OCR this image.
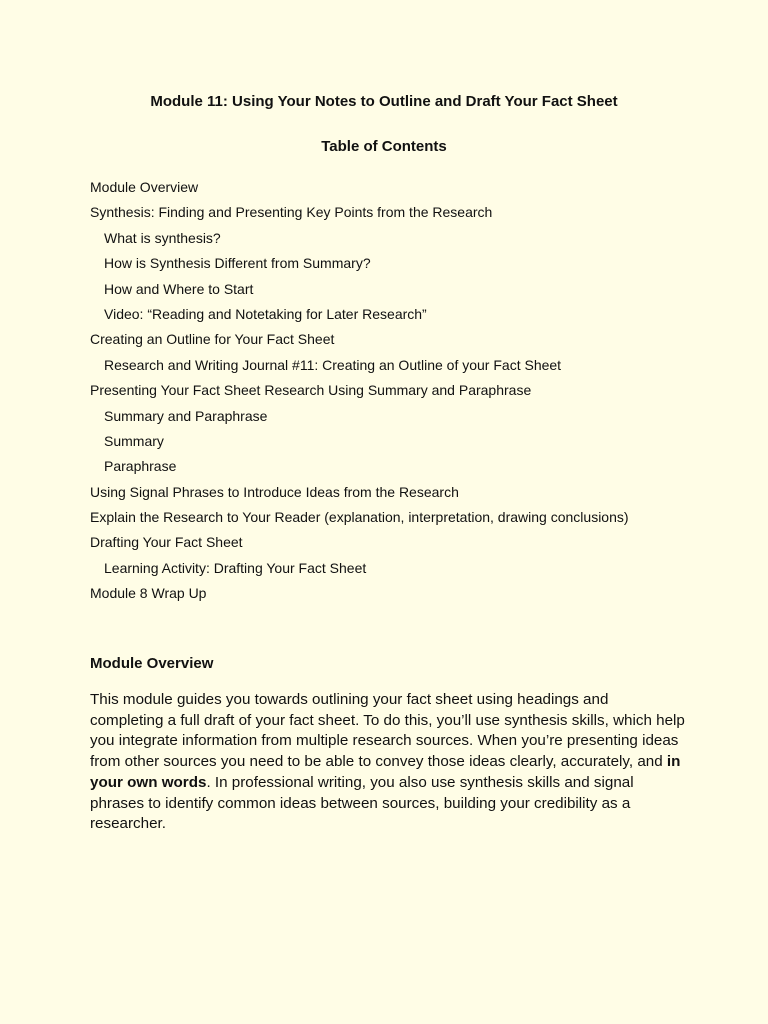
Module 11: Using Your Notes to Outline and Draft Your Fact Sheet
Table of Contents
Module Overview
Synthesis: Finding and Presenting Key Points from the Research
What is synthesis?
How is Synthesis Different from Summary?
How and Where to Start
Video: “Reading and Notetaking for Later Research”
Creating an Outline for Your Fact Sheet
Research and Writing Journal #11: Creating an Outline of your Fact Sheet
Presenting Your Fact Sheet Research Using Summary and Paraphrase
Summary and Paraphrase
Summary
Paraphrase
Using Signal Phrases to Introduce Ideas from the Research
Explain the Research to Your Reader (explanation, interpretation, drawing conclusions)
Drafting Your Fact Sheet
Learning Activity: Drafting Your Fact Sheet
Module 8 Wrap Up
Module Overview

This module guides you towards outlining your fact sheet using headings and completing a full draft of your fact sheet. To do this, you’ll use synthesis skills, which help you integrate information from multiple research sources. When you’re presenting ideas from other sources you need to be able to convey those ideas clearly, accurately, and in your own words. In professional writing, you also use synthesis skills and signal phrases to identify common ideas between sources, building your credibility as a researcher.
